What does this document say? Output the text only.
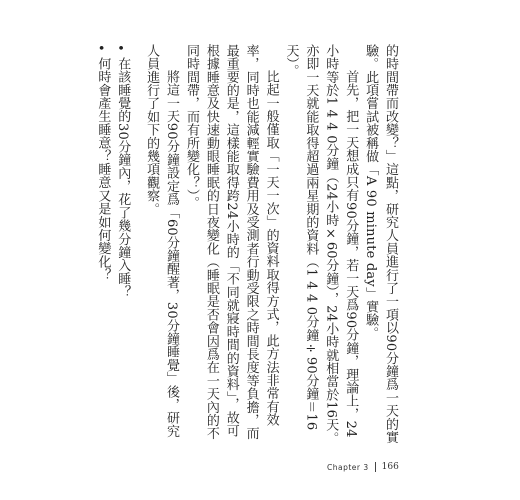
的時間帶而改變？」這點，研究人員進行了一項以90分鐘爲一天的實驗。此項嘗試被稱做「A 90 minute day」實驗。

首先，把一天想成只有90分鐘，若一天爲90分鐘，理論上，24小時等於1 4 4 0分鐘（24小時×60分鐘），24小時就相當於16天。亦即一天就能取得超過兩星期的資料（1 4 4 0分鐘÷90分鐘＝16天）。

比起一般僅取「一天一次」的資料取得方式，此方法非常有效率，同時也能減輕實驗費用及受測者行動受限之時間長度等負擔，而最重要的是，這樣能取得跨24小時的「不同就寢時間的資料」，故可根據睡意及快速動眼睡眠的日夜變化（睡眠是否會因爲在一天內的不同時間帶，而有所變化？）。

將這一天90分鐘設定爲「60分鐘醒著，30分鐘睡覺」後，研究人員進行了如下的幾項觀察。

•
在該睡覺的30分鐘內，花了幾分鐘入睡？
•
何時會產生睡意？睡意又是如何變化？
Chapter 3 166
